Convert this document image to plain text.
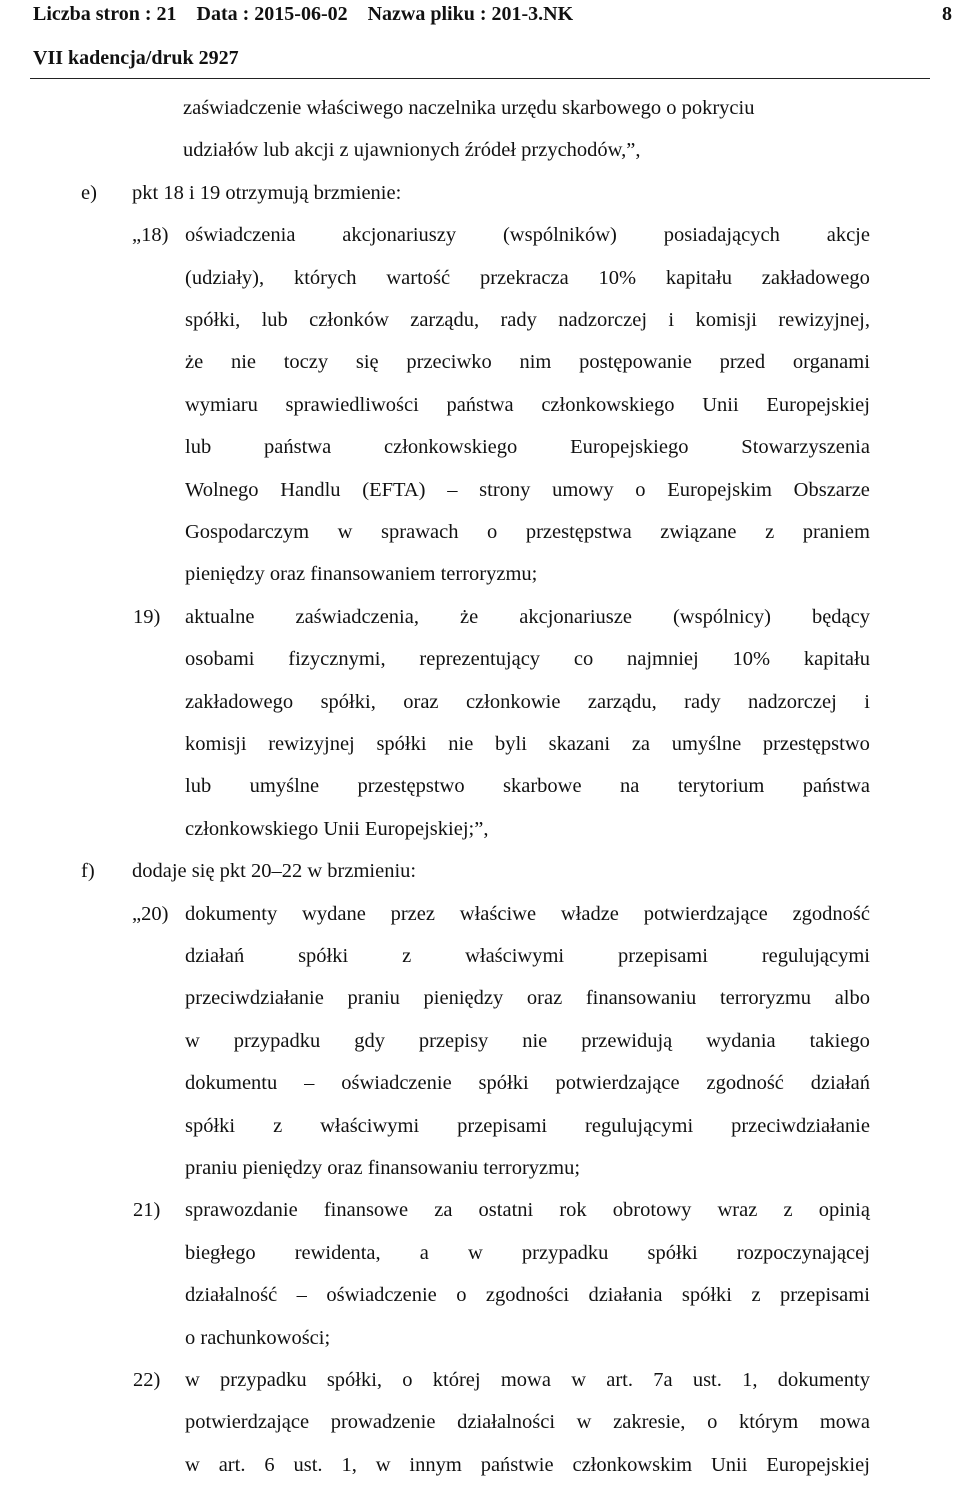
Liczba stron : 21 Data : 2015-06-02 Nazwa pliku : 201-3.NK	8
VII kadencja/druk 2927
zaświadczenie właściwego naczelnika urzędu skarbowego o pokryciu
udziałów lub akcji z ujawnionych źródeł przychodów,”,
e) pkt 18 i 19 otrzymują brzmienie:
„18) oświadczenia akcjonariuszy (wspólników) posiadających akcje
(udziały), których wartość przekracza 10% kapitału zakładowego
spółki, lub członków zarządu, rady nadzorczej i komisji rewizyjnej,
że nie toczy się przeciwko nim postępowanie przed organami
wymiaru sprawiedliwości państwa członkowskiego Unii Europejskiej
lub	państwa	członkowskiego	Europejskiego	Stowarzyszenia
Wolnego Handlu (EFTA) – strony umowy o Europejskim Obszarze
Gospodarczym w sprawach o przestępstwa związane z praniem
pieniędzy oraz finansowaniem terroryzmu;
19) aktualne zaświadczenia, że akcjonariusze (wspólnicy) będący
osobami fizycznymi, reprezentujący co najmniej 10% kapitału
zakładowego spółki, oraz członkowie zarządu, rady nadzorczej i
komisji rewizyjnej spółki nie byli skazani za umyślne przestępstwo
lub umyślne przestępstwo skarbowe na terytorium państwa
członkowskiego Unii Europejskiej;”,
f) dodaje się pkt 20–22 w brzmieniu:
„20) dokumenty wydane przez właściwe władze potwierdzające zgodność
działań	spółki	z	właściwymi	przepisami	regulującymi
przeciwdziałanie praniu pieniędzy oraz finansowaniu terroryzmu albo
w przypadku gdy przepisy nie przewidują wydania takiego
dokumentu – oświadczenie spółki potwierdzające zgodność działań
spółki z właściwymi przepisami regulującymi przeciwdziałanie
praniu pieniędzy oraz finansowaniu terroryzmu;
21) sprawozdanie finansowe za ostatni rok obrotowy wraz z opinią
biegłego rewidenta, a w przypadku spółki rozpoczynającej
działalność – oświadczenie o zgodności działania spółki z przepisami
o rachunkowości;
22) w przypadku spółki, o której mowa w art. 7a ust. 1, dokumenty
potwierdzające prowadzenie działalności w zakresie, o którym mowa
w art. 6 ust. 1, w innym państwie członkowskim Unii Europejskiej
